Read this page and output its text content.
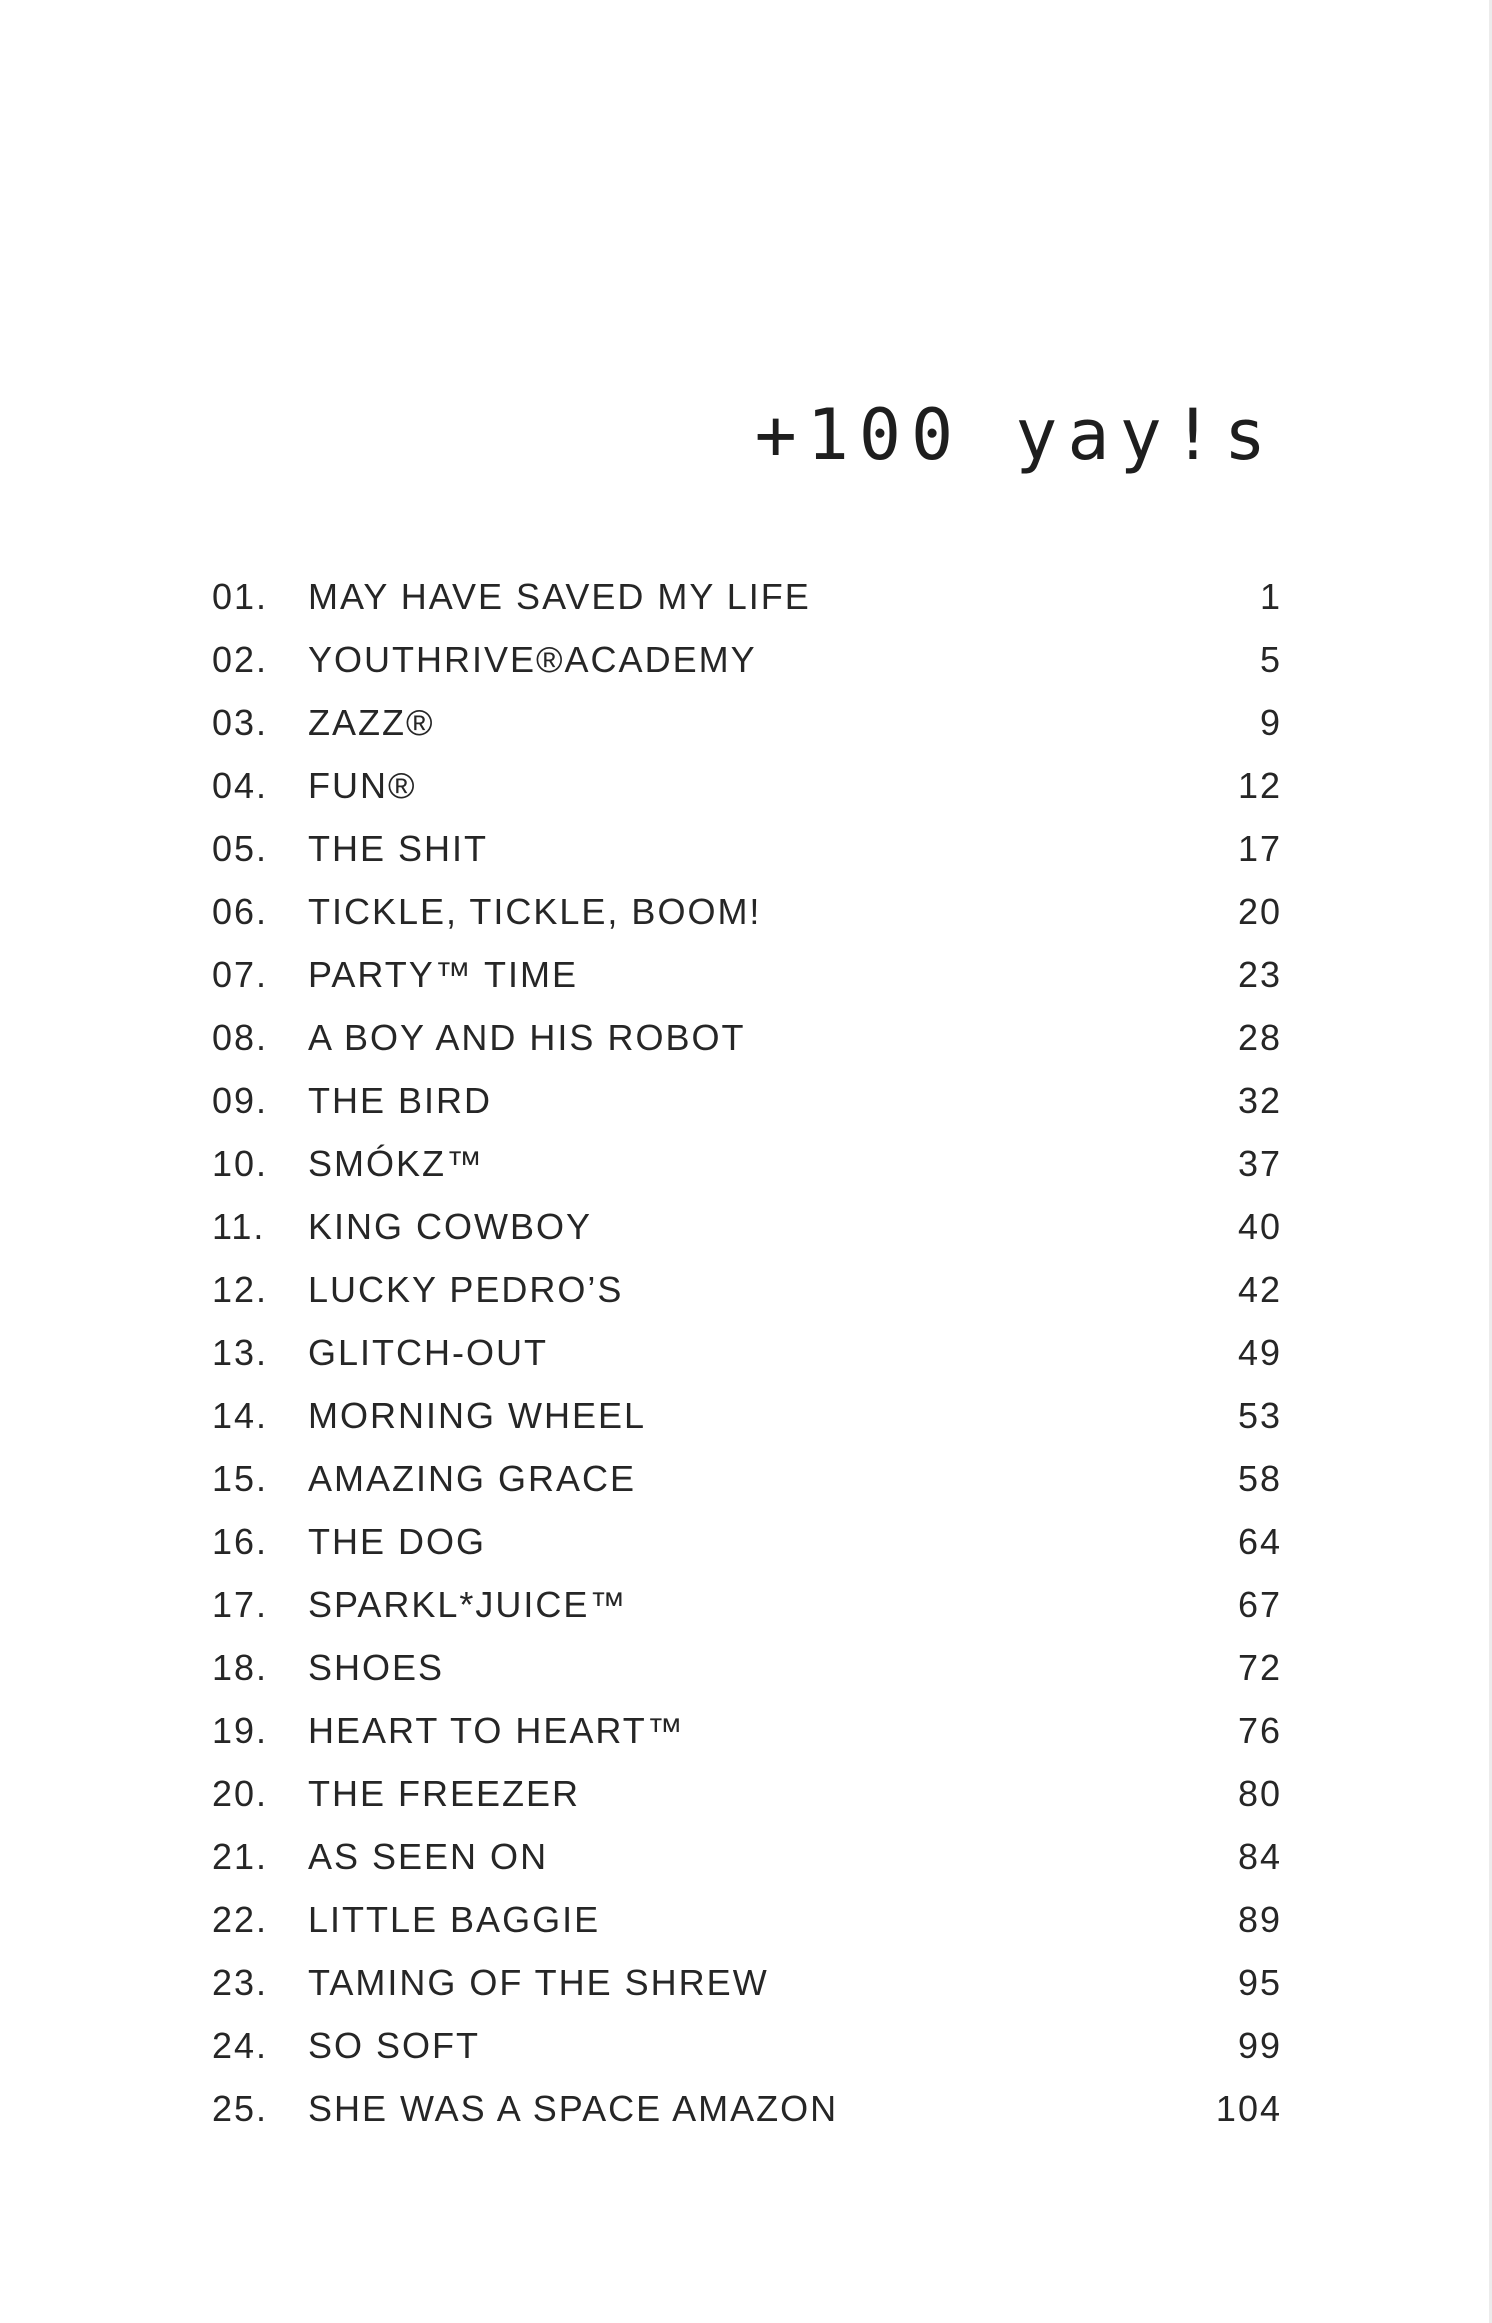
+100 yay!s
01.	MAY HAVE SAVED MY LIFE	1
02.	YOUTHRIVE®ACADEMY	5
03.	ZAZZ®	9
04.	FUN®	12
05.	THE SHIT	17
06.	TICKLE, TICKLE, BOOM!	20
07.	PARTY™ TIME	23
08.	A BOY AND HIS ROBOT	28
09.	THE BIRD	32
10.	SMÓKZ™	37
11.	KING COWBOY	40
12.	LUCKY PEDRO’S	42
13.	GLITCH-OUT	49
14.	MORNING WHEEL	53
15.	AMAZING GRACE	58
16.	THE DOG	64
17.	SPARKL*JUICE™	67
18.	SHOES	72
19.	HEART TO HEART™	76
20.	THE FREEZER	80
21.	AS SEEN ON	84
22.	LITTLE BAGGIE	89
23.	TAMING OF THE SHREW	95
24.	SO SOFT	99
25.	SHE WAS A SPACE AMAZON	104
